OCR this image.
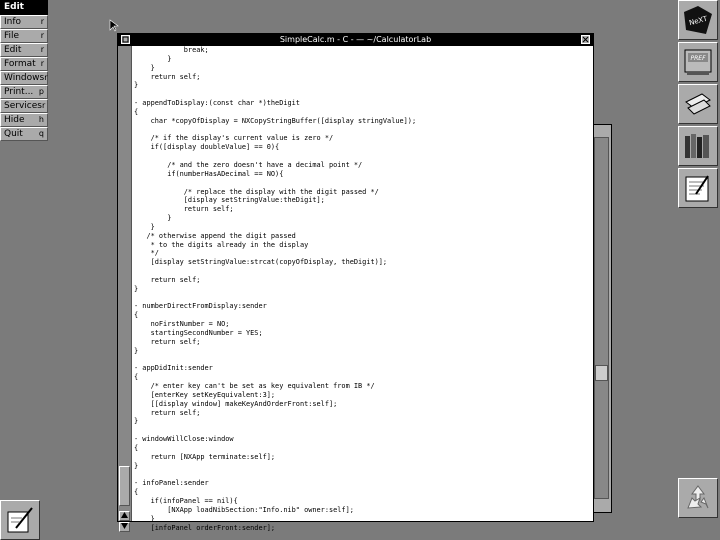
Edit
Info r
File	r
Edit r
Format r
Windows r
Print... p
Services r
Hide h
Quit q
SimpleCalc.m - C - — ~/CalculatorLab
break;
}
}
return self;
}
- appendToDisplay:(const char *)theDigit
{
char *copyOfDisplay = NXCopyStringBuffer([display stringValue]);
/* if the display's current value is zero */
if([display doubleValue] == 0){
/* and the zero doesn't have a decimal point */
if(numberHasADecimal == NO){
/* replace the display with the digit passed */
[display setStringValue:theDigit];
return self;
}
}
/* otherwise append the digit passed
* to the digits already in the display
*/
[display setStringValue:strcat(copyOfDisplay, theDigit)];
return self;
}
- numberDirectFromDisplay:sender
{
noFirstNumber = NO;
startingSecondNumber = YES;
return self;
}
- appDidInit:sender
{
/* enter key can't be set as key equivalent from IB */
[enterKey setKeyEquivalent:3];
[[display window] makeKeyAndOrderFront:self];
return self;
}
- windowWillClose:window
{
return [NXApp terminate:self];
}
- infoPanel:sender
{
if(infoPanel == nil){
[NXApp loadNibSection:"Info.nib" owner:self];
}
[infoPanel orderFront:sender];
NeXT
PREF
